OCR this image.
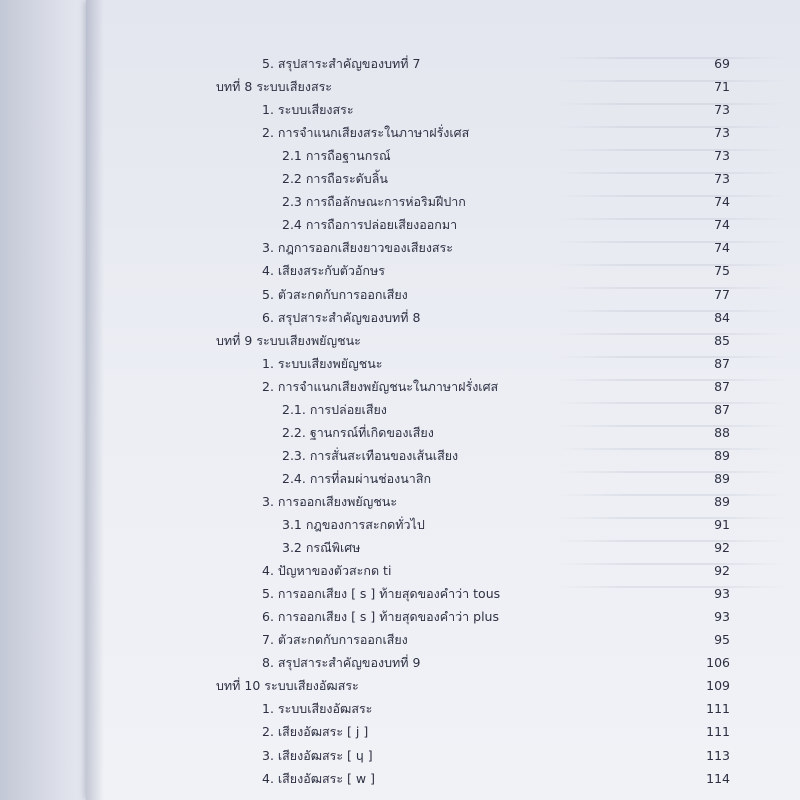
5. สรุปสาระสำคัญของบทที่ 7	69
บทที่ 8 ระบบเสียงสระ	71
1. ระบบเสียงสระ	73
2. การจำแนกเสียงสระในภาษาฝรั่งเศส	73
2.1 การถือฐานกรณ์	73
2.2 การถือระดับลิ้น	73
2.3 การถือลักษณะการห่อริมฝีปาก	74
2.4 การถือการปล่อยเสียงออกมา	74
3. กฎการออกเสียงยาวของเสียงสระ	74
4. เสียงสระกับตัวอักษร	75
5. ตัวสะกดกับการออกเสียง	77
6. สรุปสาระสำคัญของบทที่ 8	84
บทที่ 9 ระบบเสียงพยัญชนะ	85
1. ระบบเสียงพยัญชนะ	87
2. การจำแนกเสียงพยัญชนะในภาษาฝรั่งเศส	87
2.1. การปล่อยเสียง	87
2.2. ฐานกรณ์ที่เกิดของเสียง	88
2.3. การสั่นสะเทือนของเส้นเสียง	89
2.4. การที่ลมผ่านช่องนาสิก	89
3. การออกเสียงพยัญชนะ	89
3.1 กฎของการสะกดทั่วไป	91
3.2 กรณีพิเศษ	92
4. ปัญหาของตัวสะกด ti	92
5. การออกเสียง [ s ] ท้ายสุดของคำว่า tous	93
6. การออกเสียง [ s ] ท้ายสุดของคำว่า plus	93
7. ตัวสะกดกับการออกเสียง	95
8. สรุปสาระสำคัญของบทที่ 9	106
บทที่ 10 ระบบเสียงอัฒสระ	109
1. ระบบเสียงอัฒสระ	111
2. เสียงอัฒสระ [ j ]	111
3. เสียงอัฒสระ [ ɥ ]	113
4. เสียงอัฒสระ [ w ]	114
